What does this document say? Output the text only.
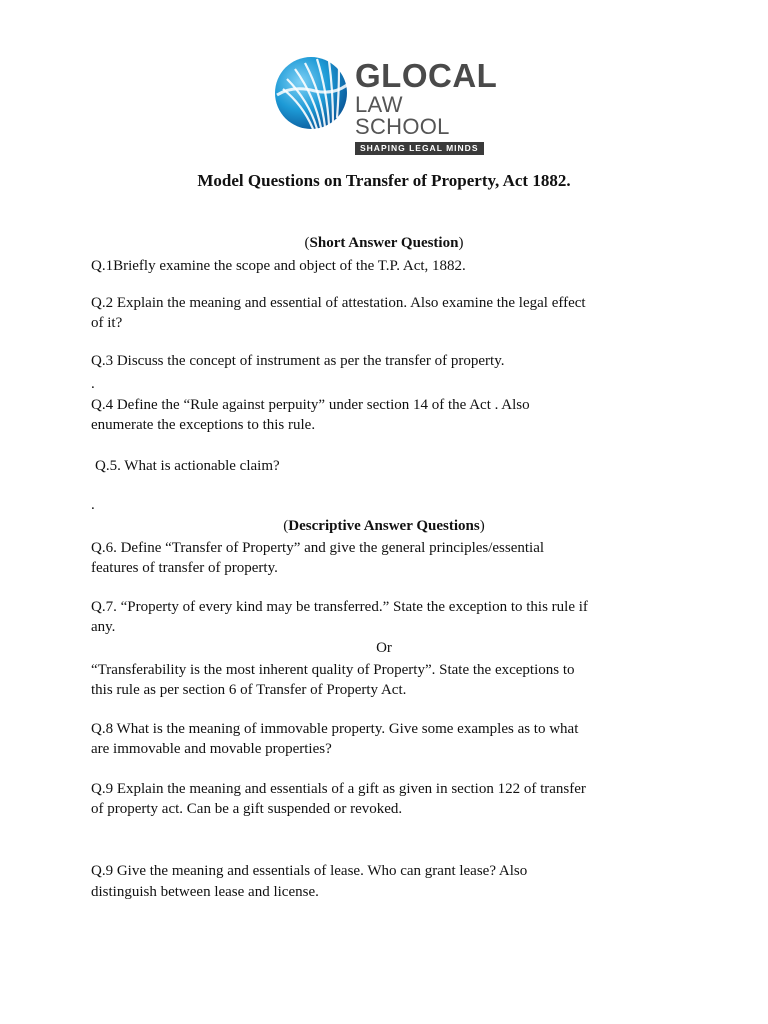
GLOCAL
LAW SCHOOL
SHAPING LEGAL MINDS

Model Questions on Transfer of Property, Act 1882.

(Short Answer Question)

Q.1Briefly examine the scope and object of the T.P. Act, 1882.

Q.2 Explain the meaning and essential of attestation. Also examine the legal effect

of it?

Q.3 Discuss the concept of instrument as per the transfer of property.

.

Q.4 Define the “Rule against perpuity” under section 14 of the Act . Also

enumerate the exceptions to this rule.

Q.5. What is actionable claim?

.

(Descriptive Answer Questions)

Q.6. Define “Transfer of Property” and give the general principles/essential

features of transfer of property.

Q.7. “Property of every kind may be transferred.” State the exception to this rule if

any.

Or

“Transferability is the most inherent quality of Property”. State the exceptions to

this rule as per section 6 of Transfer of Property Act.

Q.8 What is the meaning of immovable property. Give some examples as to what

are immovable and movable properties?

Q.9 Explain the meaning and essentials of a gift as given in section 122 of transfer

of property act. Can be a gift suspended or revoked.

Q.9 Give the meaning and essentials of lease. Who can grant lease? Also

distinguish between lease and license.
